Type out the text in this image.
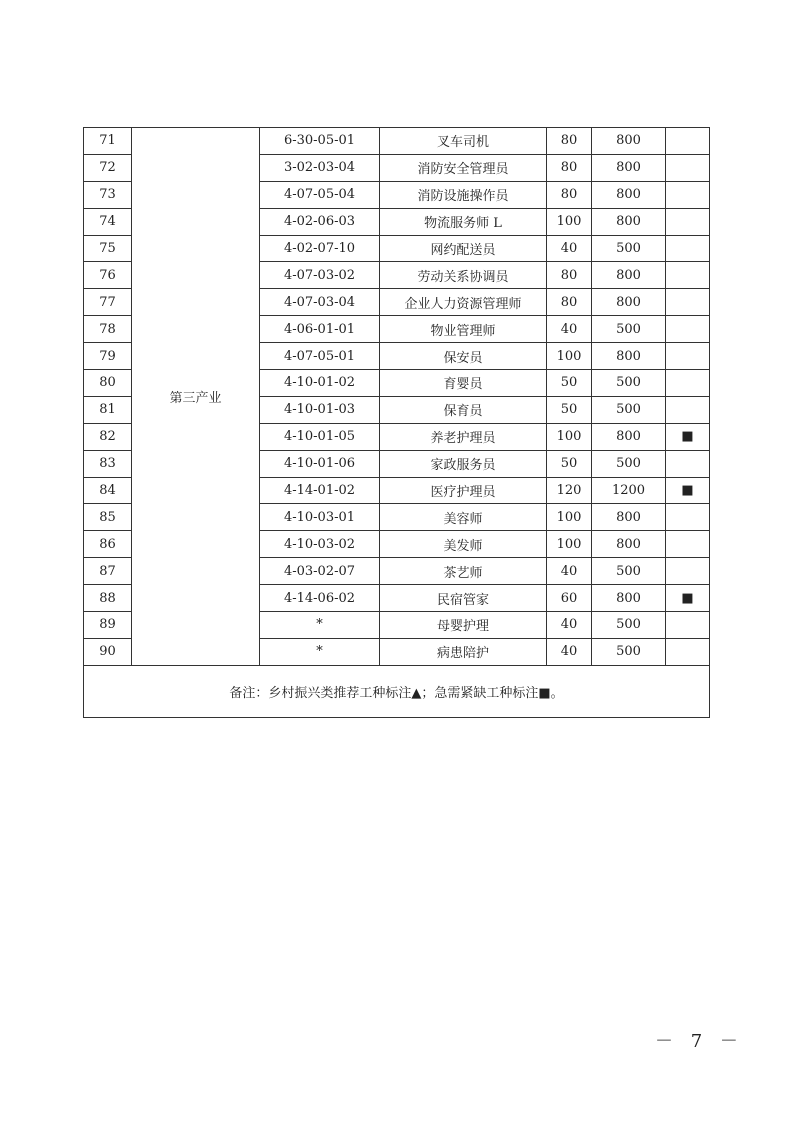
71	第三产业	6-30-05-01	叉车司机	80	800	
72		3-02-03-04	消防安全管理员	80	800	
73		4-07-05-04	消防设施操作员	80	800	
74		4-02-06-03	物流服务师 L	100	800	
75		4-02-07-10	网约配送员	40	500	
76		4-07-03-02	劳动关系协调员	80	800	
77		4-07-03-04	企业人力资源管理师	80	800	
78		4-06-01-01	物业管理师	40	500	
79		4-07-05-01	保安员	100	800	
80		4-10-01-02	育婴员	50	500	
81		4-10-01-03	保育员	50	500	
82		4-10-01-05	养老护理员	100	800	■
83		4-10-01-06	家政服务员	50	500	
84		4-14-01-02	医疗护理员	120	1200	■
85		4-10-03-01	美容师	100	800	
86		4-10-03-02	美发师	100	800	
87		4-03-02-07	茶艺师	40	500	
88		4-14-06-02	民宿管家	60	800	■
89		*	母婴护理	40	500	
90		*	病患陪护	40	500	
备注：乡村振兴类推荐工种标注▲；急需紧缺工种标注■。						
－ 7 －
